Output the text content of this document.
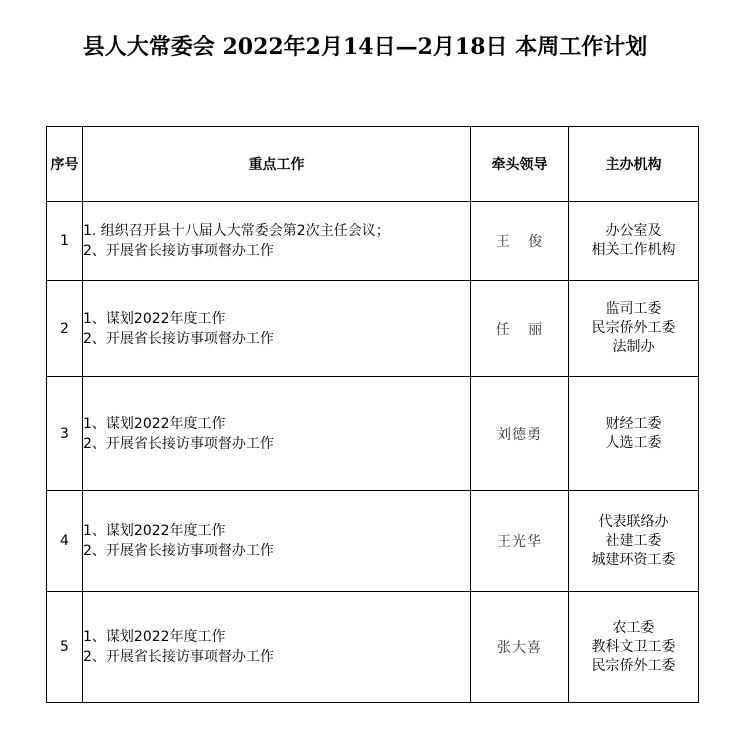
县人大常委会 2022年2月14日—2月18日 本周工作计划
序号	重点工作	牵头领导	主办机构
1	1. 组织召开县十八届人大常委会第2次主任会议；
2、开展省长接访事项督办工作	王 俊	办公室及
相关工作机构

2	1、谋划2022年度工作
2、开展省长接访事项督办工作	任 丽	监司工委
民宗侨外工委
法制办

3	1、谋划2022年度工作
2、开展省长接访事项督办工作	刘德勇	财经工委
人选工委

4	1、谋划2022年度工作
2、开展省长接访事项督办工作	王光华	代表联络办
社建工委
城建环资工委

5	1、谋划2022年度工作
2、开展省长接访事项督办工作	张大喜	农工委
教科文卫工委
民宗侨外工委
